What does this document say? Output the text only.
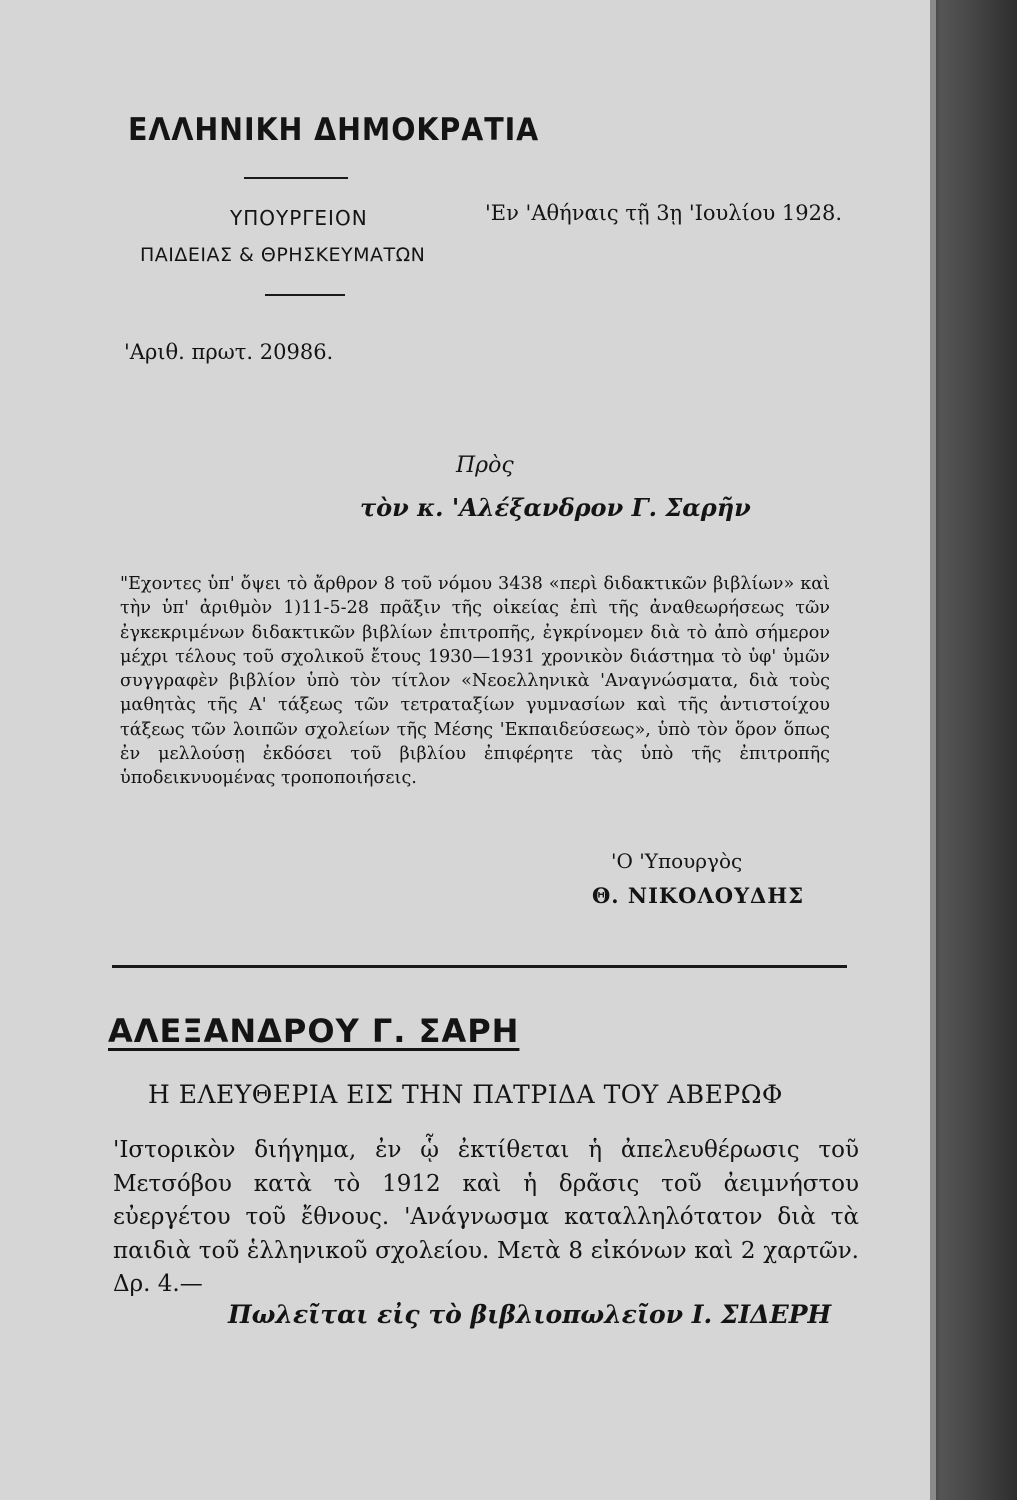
ΕΛΛΗΝΙΚΗ ΔΗΜΟΚΡΑΤΙΑ
ΥΠΟΥΡΓΕΙΟΝ
ΠΑΙΔΕΙΑΣ & ΘΡΗΣΚΕΥΜΑΤΩΝ
'Εν 'Αθήναις τῇ 3ῃ 'Ιουλίου 1928.
'Αριθ. πρωτ. 20986.
Πρὸς
τὸν κ. 'Αλέξανδρον Γ. Σαρῆν
"Εχοντες ὑπ' ὄψει τὸ ἄρθρον 8 τοῦ νόμου 3438 «περὶ διδακτικῶν βιβλίων» καὶ τὴν ὑπ' ἀριθμὸν 1)11-5-28 πρᾶξιν τῆς οἰκείας ἐπὶ τῆς ἀναθεωρήσεως τῶν ἐγκεκριμένων διδακτικῶν βιβλίων ἐπιτροπῆς, ἐγκρίνομεν διὰ τὸ ἀπὸ σήμερον μέχρι τέλους τοῦ σχολικοῦ ἔτους 1930—1931 χρονικὸν διάστημα τὸ ὑφ' ὑμῶν συγγραφὲν βιβλίον ὑπὸ τὸν τίτλον «Νεοελληνικὰ 'Αναγνώσματα, διὰ τοὺς μαθητὰς τῆς Α' τάξεως τῶν τετραταξίων γυμνασίων καὶ τῆς ἀντιστοίχου τάξεως τῶν λοιπῶν σχολείων τῆς Μέσης 'Εκπαιδεύσεως», ὑπὸ τὸν ὅρον ὅπως ἐν μελλούσῃ ἐκδόσει τοῦ βιβλίου ἐπιφέρητε τὰς ὑπὸ τῆς ἐπιτροπῆς ὑποδεικνυομένας τροποποιήσεις.
'Ο 'Υπουργὸς
Θ. ΝΙΚΟΛΟΥΔΗΣ
ΑΛΕΞΑΝΔΡΟΥ Γ. ΣΑΡΗ
Η ΕΛΕΥΘΕΡΙΑ ΕΙΣ ΤΗΝ ΠΑΤΡΙΔΑ ΤΟΥ ΑΒΕΡΩΦ
'Ιστορικὸν διήγημα, ἐν ᾧ ἐκτίθεται ἡ ἀπελευθέρωσις τοῦ Μετσόβου κατὰ τὸ 1912 καὶ ἡ δρᾶσις τοῦ ἀειμνήστου εὐεργέτου τοῦ ἔθνους. 'Ανάγνωσμα καταλληλότατον διὰ τὰ παιδιὰ τοῦ ἑλληνικοῦ σχολείου. Μετὰ 8 εἰκόνων καὶ 2 χαρτῶν. Δρ. 4.—
Πωλεῖται εἰς τὸ βιβλιοπωλεῖον Ι. ΣΙΔΕΡΗ
